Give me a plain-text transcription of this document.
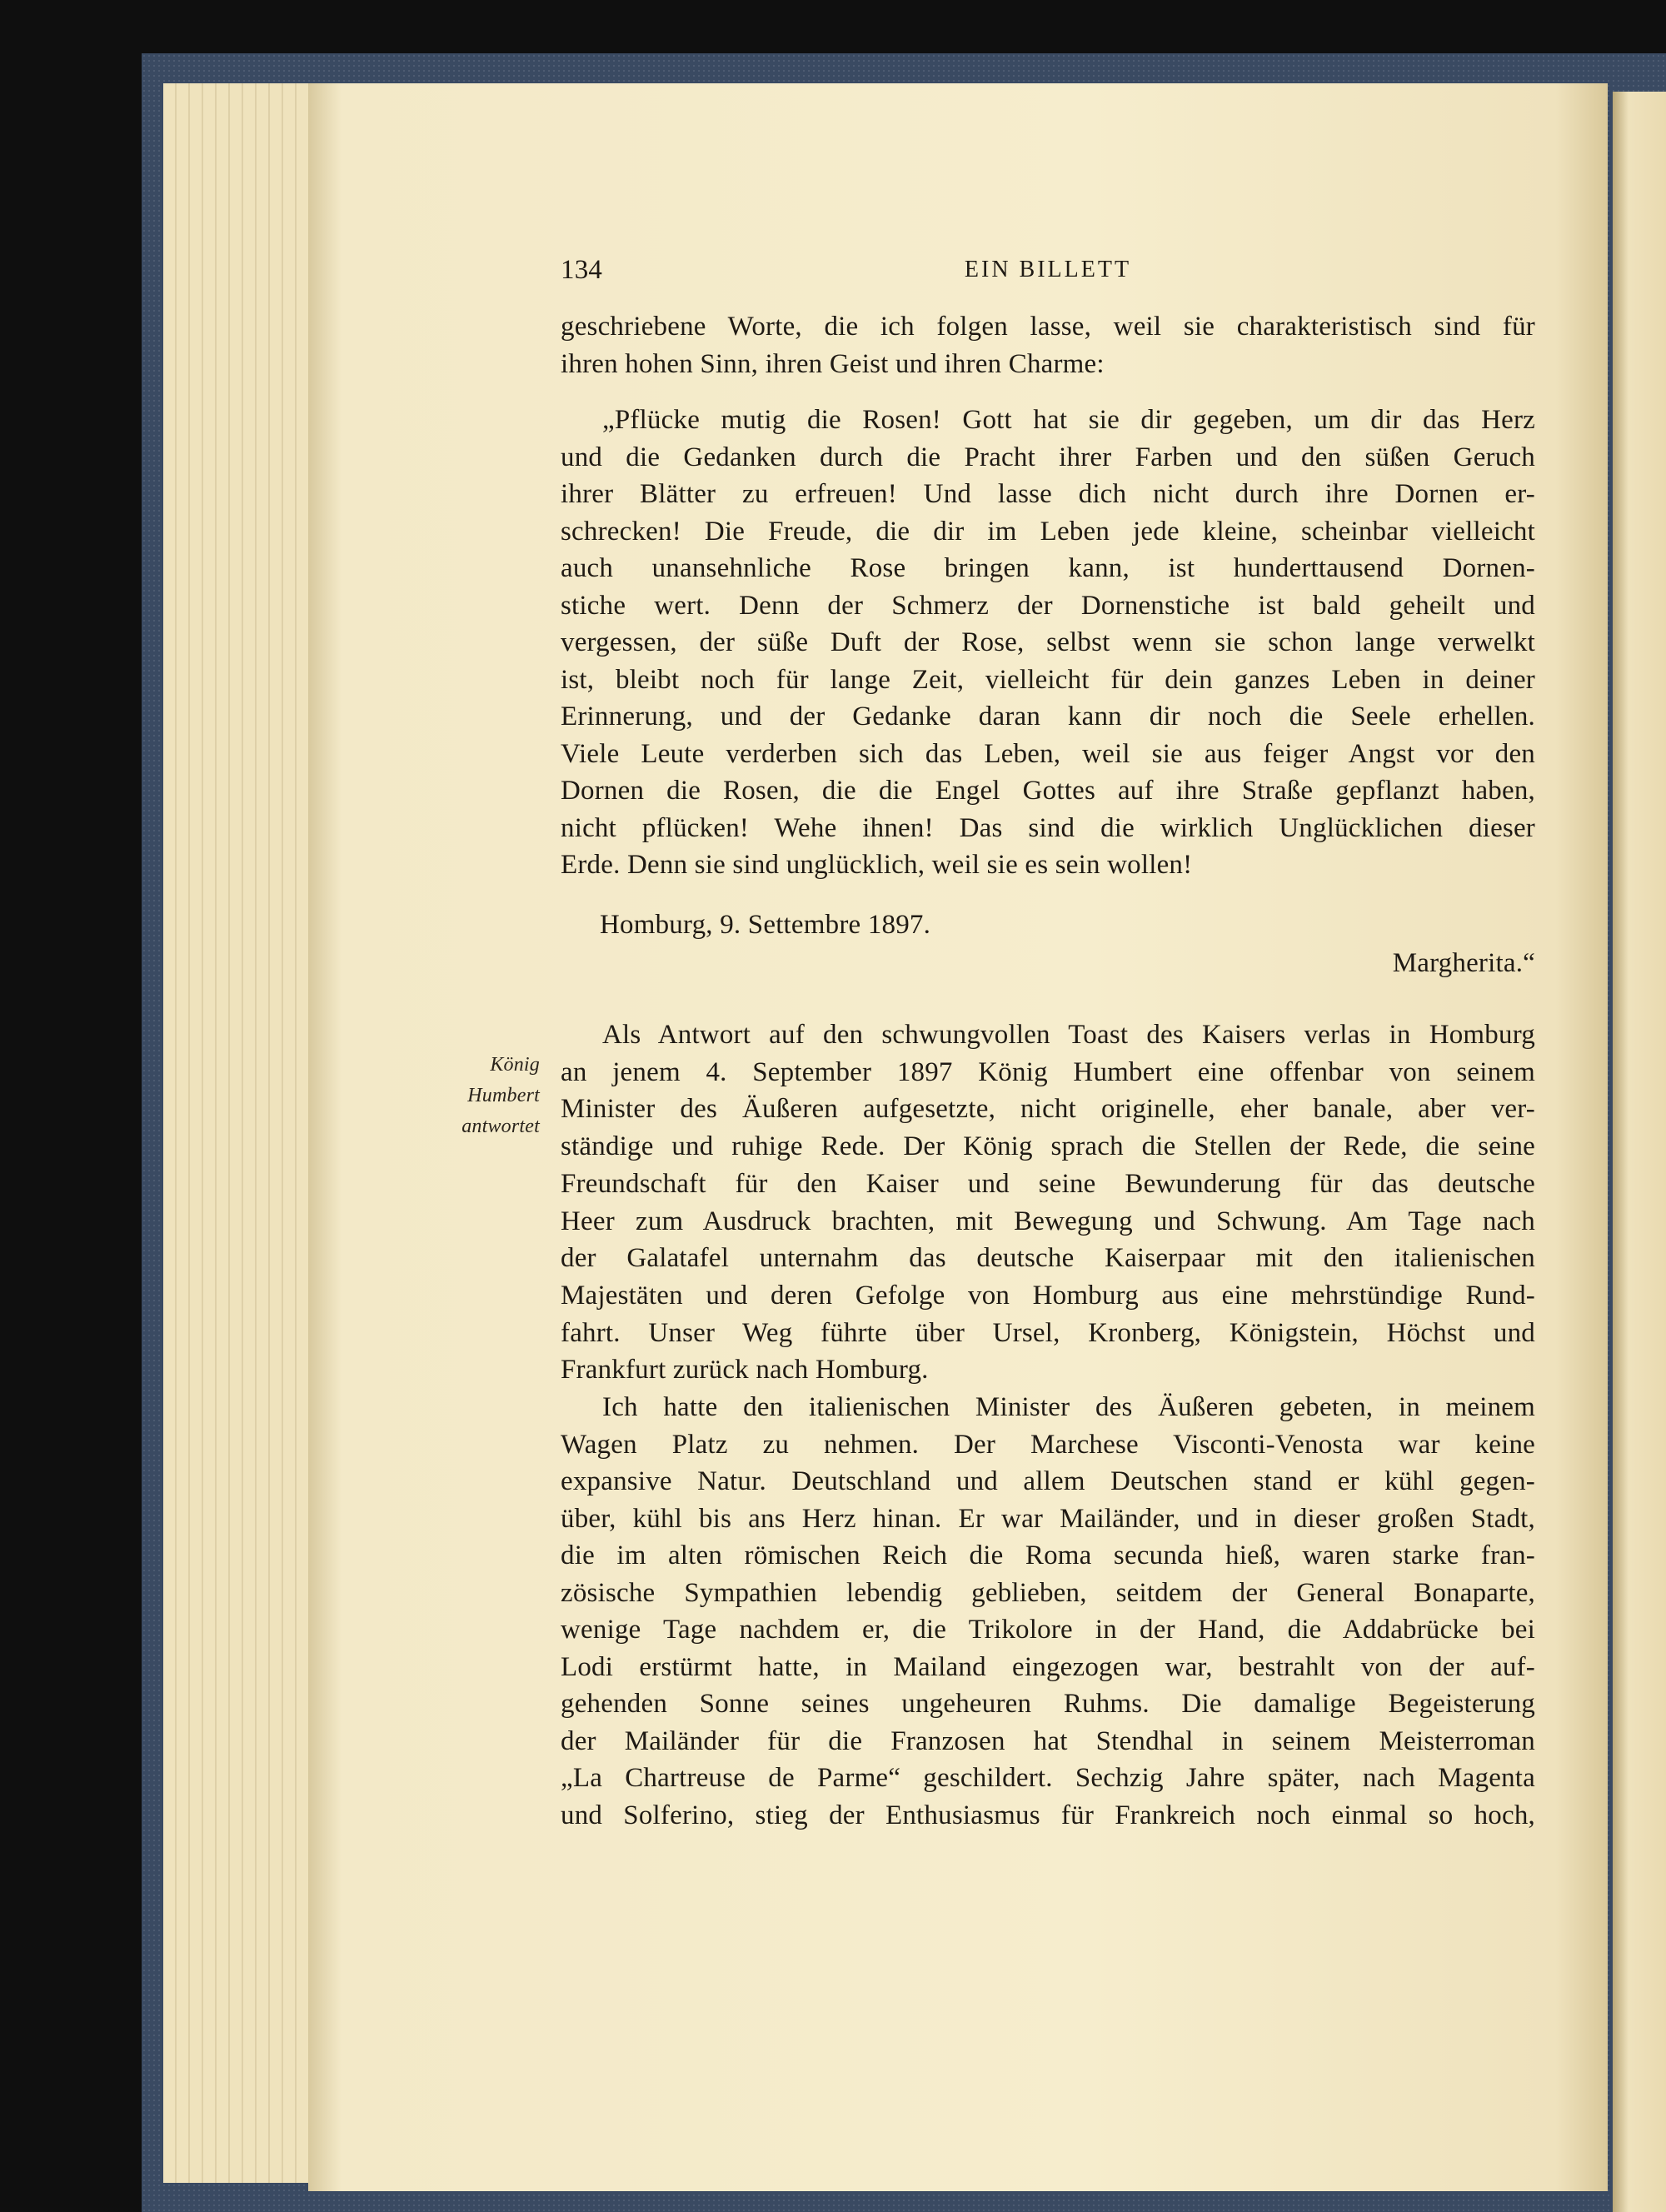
134	EIN BILLETT
geschriebene Worte, die ich folgen lasse, weil sie charakteristisch sind für
ihren hohen Sinn, ihren Geist und ihren Charme:
„Pflücke mutig die Rosen! Gott hat sie dir gegeben, um dir das Herz
und die Gedanken durch die Pracht ihrer Farben und den süßen Geruch
ihrer Blätter zu erfreuen! Und lasse dich nicht durch ihre Dornen er-
schrecken! Die Freude, die dir im Leben jede kleine, scheinbar vielleicht
auch unansehnliche Rose bringen kann, ist hunderttausend Dornen-
stiche wert. Denn der Schmerz der Dornenstiche ist bald geheilt und
vergessen, der süße Duft der Rose, selbst wenn sie schon lange verwelkt
ist, bleibt noch für lange Zeit, vielleicht für dein ganzes Leben in deiner
Erinnerung, und der Gedanke daran kann dir noch die Seele erhellen.
Viele Leute verderben sich das Leben, weil sie aus feiger Angst vor den
Dornen die Rosen, die die Engel Gottes auf ihre Straße gepflanzt haben,
nicht pflücken! Wehe ihnen! Das sind die wirklich Unglücklichen dieser
Erde. Denn sie sind unglücklich, weil sie es sein wollen!
Homburg, 9. Settembre 1897.
Margherita.“
König
Humbert
antwortet
Als Antwort auf den schwungvollen Toast des Kaisers verlas in Homburg
an jenem 4. September 1897 König Humbert eine offenbar von seinem
Minister des Äußeren aufgesetzte, nicht originelle, eher banale, aber ver-
ständige und ruhige Rede. Der König sprach die Stellen der Rede, die seine
Freundschaft für den Kaiser und seine Bewunderung für das deutsche
Heer zum Ausdruck brachten, mit Bewegung und Schwung. Am Tage nach
der Galatafel unternahm das deutsche Kaiserpaar mit den italienischen
Majestäten und deren Gefolge von Homburg aus eine mehrstündige Rund-
fahrt. Unser Weg führte über Ursel, Kronberg, Königstein, Höchst und
Frankfurt zurück nach Homburg.
Ich hatte den italienischen Minister des Äußeren gebeten, in meinem
Wagen Platz zu nehmen. Der Marchese Visconti-Venosta war keine
expansive Natur. Deutschland und allem Deutschen stand er kühl gegen-
über, kühl bis ans Herz hinan. Er war Mailänder, und in dieser großen Stadt,
die im alten römischen Reich die Roma secunda hieß, waren starke fran-
zösische Sympathien lebendig geblieben, seitdem der General Bonaparte,
wenige Tage nachdem er, die Trikolore in der Hand, die Addabrücke bei
Lodi erstürmt hatte, in Mailand eingezogen war, bestrahlt von der auf-
gehenden Sonne seines ungeheuren Ruhms. Die damalige Begeisterung
der Mailänder für die Franzosen hat Stendhal in seinem Meisterroman
„La Chartreuse de Parme“ geschildert. Sechzig Jahre später, nach Magenta
und Solferino, stieg der Enthusiasmus für Frankreich noch einmal so hoch,
